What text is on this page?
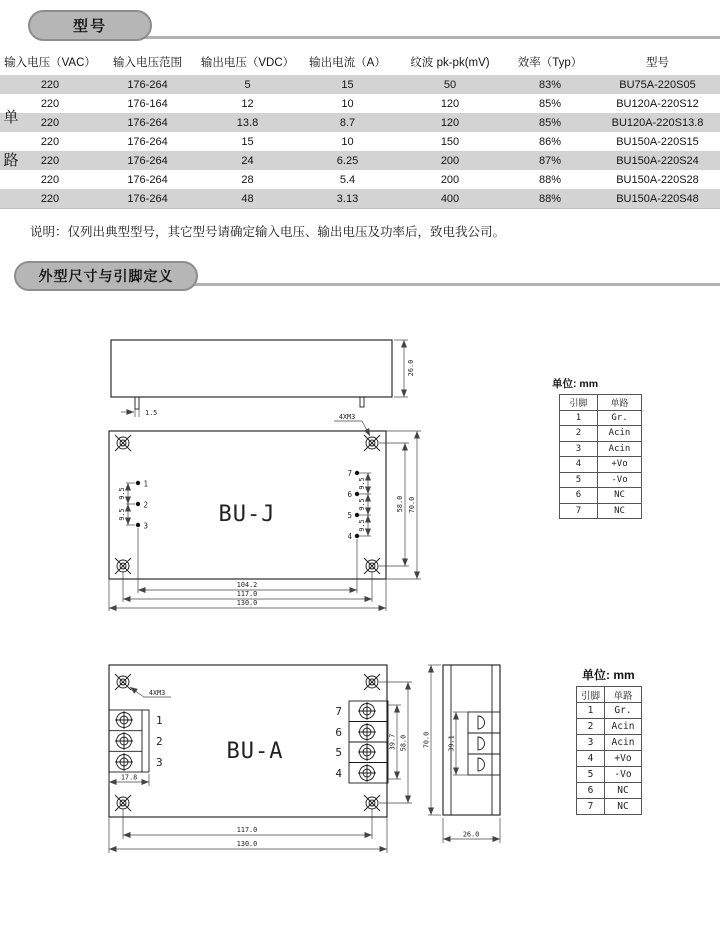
型号
输入电压（VAC）	输入电压范围	输出电压（VDC）	输出电流（A）	纹波 pk-pk(mV)	效率（Typ）	型号
220	176-264	5	15	50	83%	BU75A-220S05
220	176-164	12	10	120	85%	BU120A-220S12
220	176-264	13.8	8.7	120	85%	BU120A-220S13.8
220	176-264	15	10	150	86%	BU150A-220S15
220	176-264	24	6.25	200	87%	BU150A-220S24
220	176-264	28	5.4	200	88%	BU150A-220S28
220	176-264	48	3.13	400	88%	BU150A-220S48
单
路
说明：仅列出典型型号，其它型号请确定输入电压、输出电压及功率后，致电我公司。
外型尺寸与引脚定义
26.0
1.5	4XM3
1
2
3
9.5
9.5
7
6
5
4
9.5
9.5
9.5
BU-J
104.2
117.0
130.0
58.0 70.0
单位: mm
引脚	单路
1	Gr.
2	Acin
3	Acin
4	+Vo
5	-Vo
6	NC
7	NC
4XM3
1
2
3
17.8
BU-A
7
6
5
4
39.7 58.0
117.0
130.0
70.0	39.1
26.0
单位: mm
引脚	单路
1	Gr.
2	Acin
3	Acin
4	+Vo
5	-Vo
6	NC
7	NC
